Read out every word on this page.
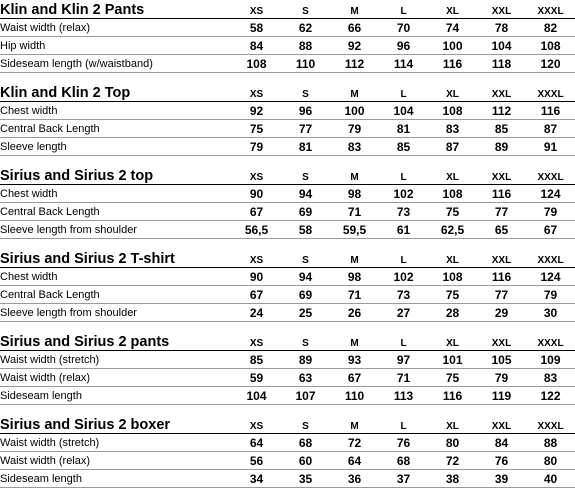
Klin and Klin 2 Pants	XS	S	M	L	XL	XXL	XXXL
Waist width (relax)	58	62	66	70	74	78	82
Hip width	84	88	92	96	100	104	108
Sideseam length (w/waistband)	108	110	112	114	116	118	120

Klin and Klin 2 Top	XS	S	M	L	XL	XXL	XXXL
Chest width	92	96	100	104	108	112	116
Central Back Length	75	77	79	81	83	85	87
Sleeve length	79	81	83	85	87	89	91

Sirius and Sirius 2 top	XS	S	M	L	XL	XXL	XXXL
Chest width	90	94	98	102	108	116	124
Central Back Length	67	69	71	73	75	77	79
Sleeve length from shoulder	56,5	58	59,5	61	62,5	65	67

Sirius and Sirius 2 T-shirt	XS	S	M	L	XL	XXL	XXXL
Chest width	90	94	98	102	108	116	124
Central Back Length	67	69	71	73	75	77	79
Sleeve length from shoulder	24	25	26	27	28	29	30

Sirius and Sirius 2 pants	XS	S	M	L	XL	XXL	XXXL
Waist width (stretch)	85	89	93	97	101	105	109
Waist width (relax)	59	63	67	71	75	79	83
Sideseam length	104	107	110	113	116	119	122

Sirius and Sirius 2 boxer	XS	S	M	L	XL	XXL	XXXL
Waist width (stretch)	64	68	72	76	80	84	88
Waist width (relax)	56	60	64	68	72	76	80
Sideseam length	34	35	36	37	38	39	40
